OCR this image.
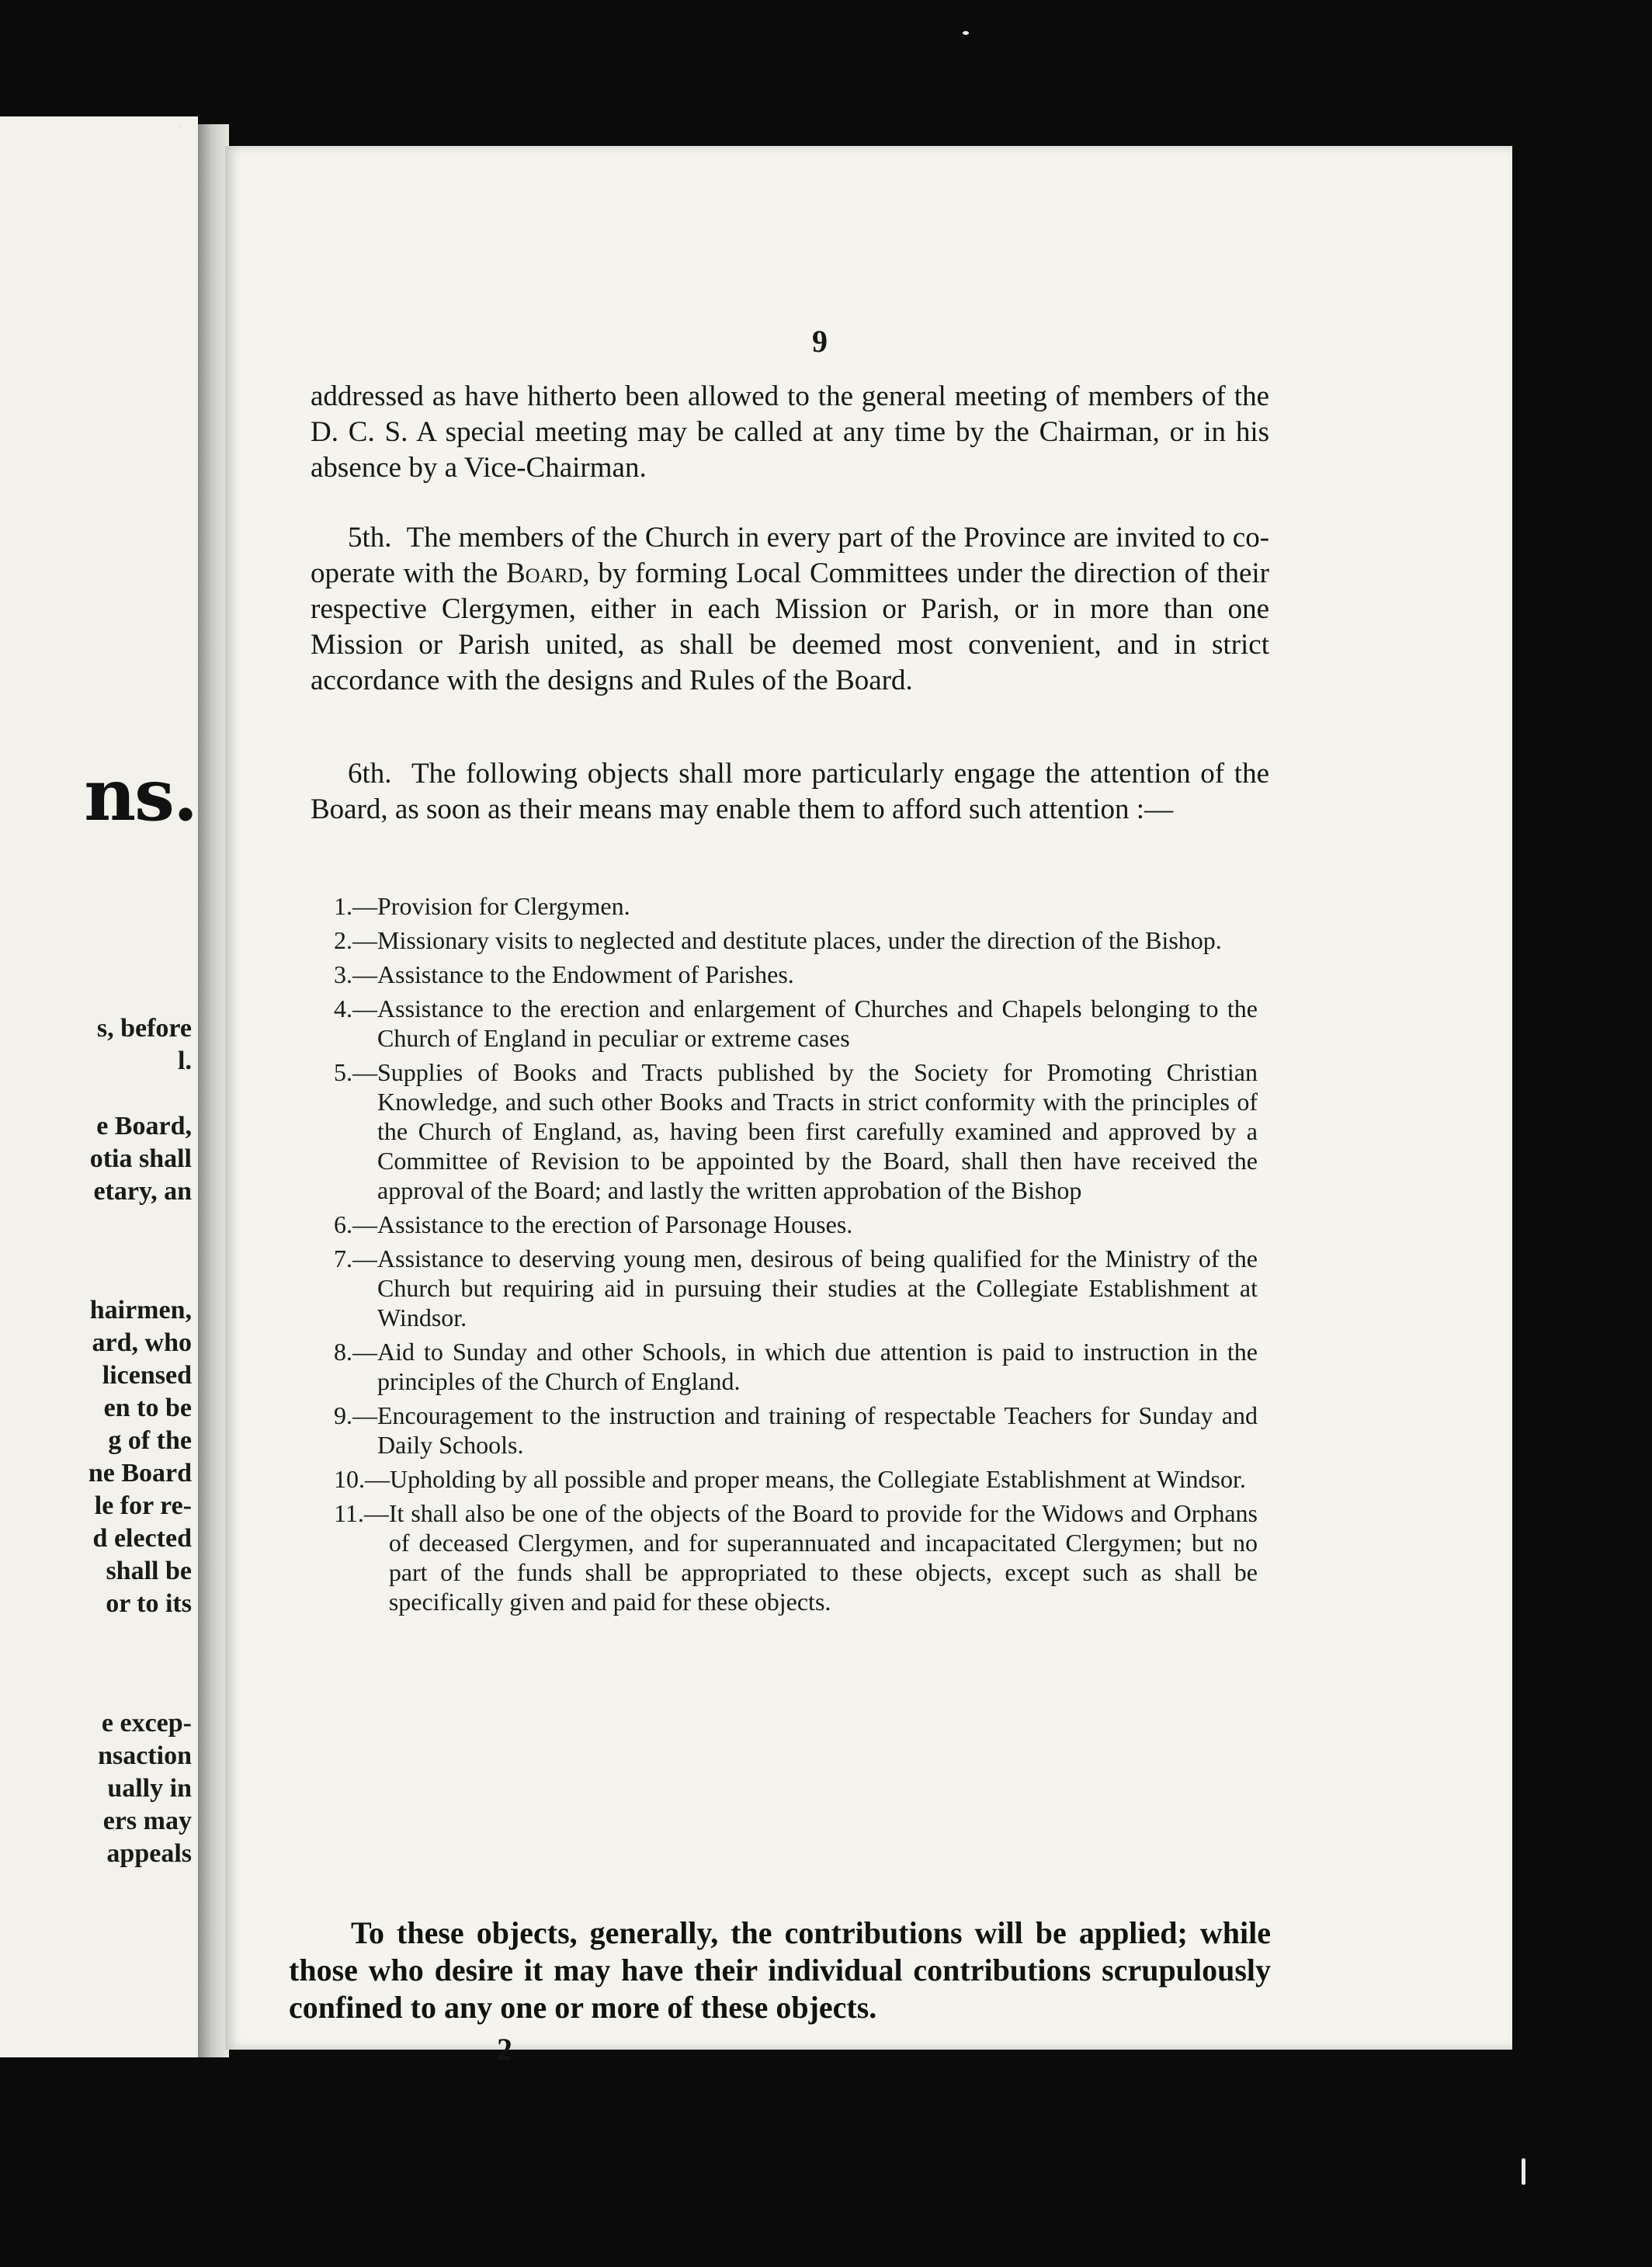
ns.
s, before
l.
e Board,
otia shall
etary, an
hairmen,
ard, who
licensed
en to be
g of the
ne Board
le for re-
d elected
shall be
or to its
e excep-
nsaction
ually in
ers may
appeals
9

addressed as have hitherto been allowed to the general meeting of members of the D. C. S. A special meeting may be called at any time by the Chairman, or in his absence by a Vice-Chairman.

5th. The members of the Church in every part of the Province are invited to co-operate with the Board, by forming Local Committees under the direction of their respective Clergymen, either in each Mission or Parish, or in more than one Mission or Parish united, as shall be deemed most convenient, and in strict accordance with the designs and Rules of the Board.

6th. The following objects shall more particularly engage the attention of the Board, as soon as their means may enable them to afford such attention :—

1.— Provision for Clergymen.
2.— Missionary visits to neglected and destitute places, under the direction of the Bishop.
3.— Assistance to the Endowment of Parishes.
4.— Assistance to the erection and enlargement of Churches and Chapels belonging to the Church of England in peculiar or extreme cases
5.— Supplies of Books and Tracts published by the Society for Promoting Christian Knowledge, and such other Books and Tracts in strict conformity with the principles of the Church of England, as, having been first carefully examined and approved by a Committee of Revision to be appointed by the Board, shall then have received the approval of the Board; and lastly the written approbation of the Bishop
6.— Assistance to the erection of Parsonage Houses.
7.— Assistance to deserving young men, desirous of being qualified for the Ministry of the Church but requiring aid in pursuing their studies at the Collegiate Establishment at Windsor.
8.— Aid to Sunday and other Schools, in which due attention is paid to instruction in the principles of the Church of England.
9.— Encouragement to the instruction and training of respectable Teachers for Sunday and Daily Schools.
10.— Upholding by all possible and proper means, the Collegiate Establishment at Windsor.
11.— It shall also be one of the objects of the Board to provide for the Widows and Orphans of deceased Clergymen, and for superannuated and incapacitated Clergymen; but no part of the funds shall be appropriated to these objects, except such as shall be specifically given and paid for these objects.

To these objects, generally, the contributions will be applied; while those who desire it may have their individual contributions scrupulously confined to any one or more of these objects.

2
